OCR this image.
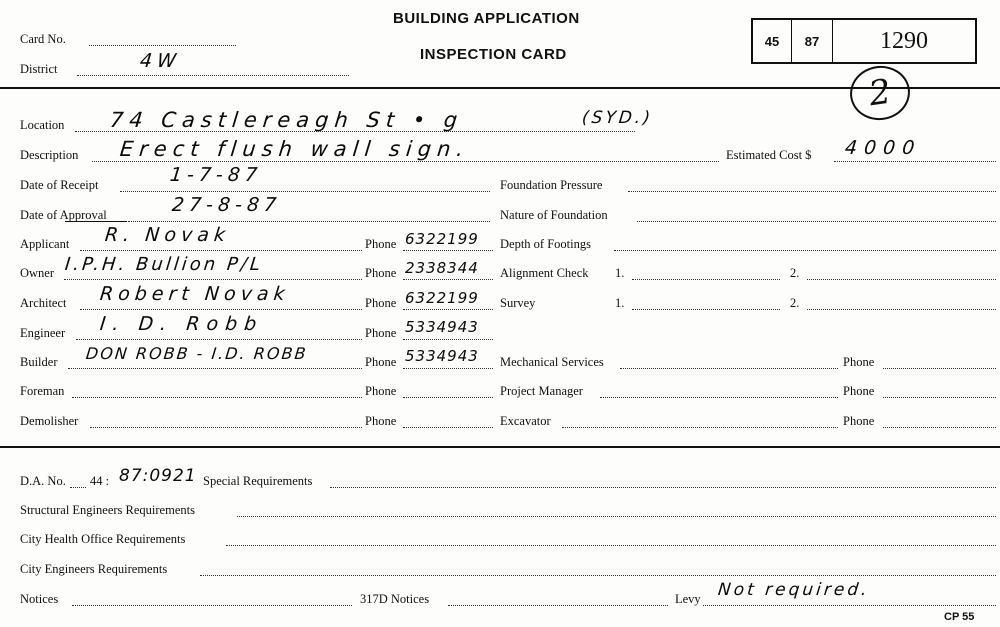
Card No.
District	4W
BUILDING APPLICATION
INSPECTION CARD
45	87	1290
2
Location 74 Castlereagh St • g	(SYD.)
Description Erect flush wall sign.	Estimated Cost $ 4000
Date of Receipt	1-7-87
Date of Approval	27-8-87
Foundation Pressure
Nature of Foundation
Depth of Footings
Alignment Check 1.	2.
Survey	1.	2.
Applicant R. Novak	Phone 6322199
Owner I.P.H. Bullion P/L	Phone 2338344
Architect Robert Novak	Phone 6322199
Engineer I. D. Robb	Phone 5334943
Builder DON ROBB - I.D. ROBB	Phone 5334943
Foreman	Phone
Demolisher	Phone
Mechanical Services	Phone
Project Manager	Phone
Excavator	Phone
D.A. No. 44 : 87:0921 Special Requirements
Structural Engineers Requirements
City Health Office Requirements
City Engineers Requirements
Notices	317D Notices	Levy Not required.
CP 55
